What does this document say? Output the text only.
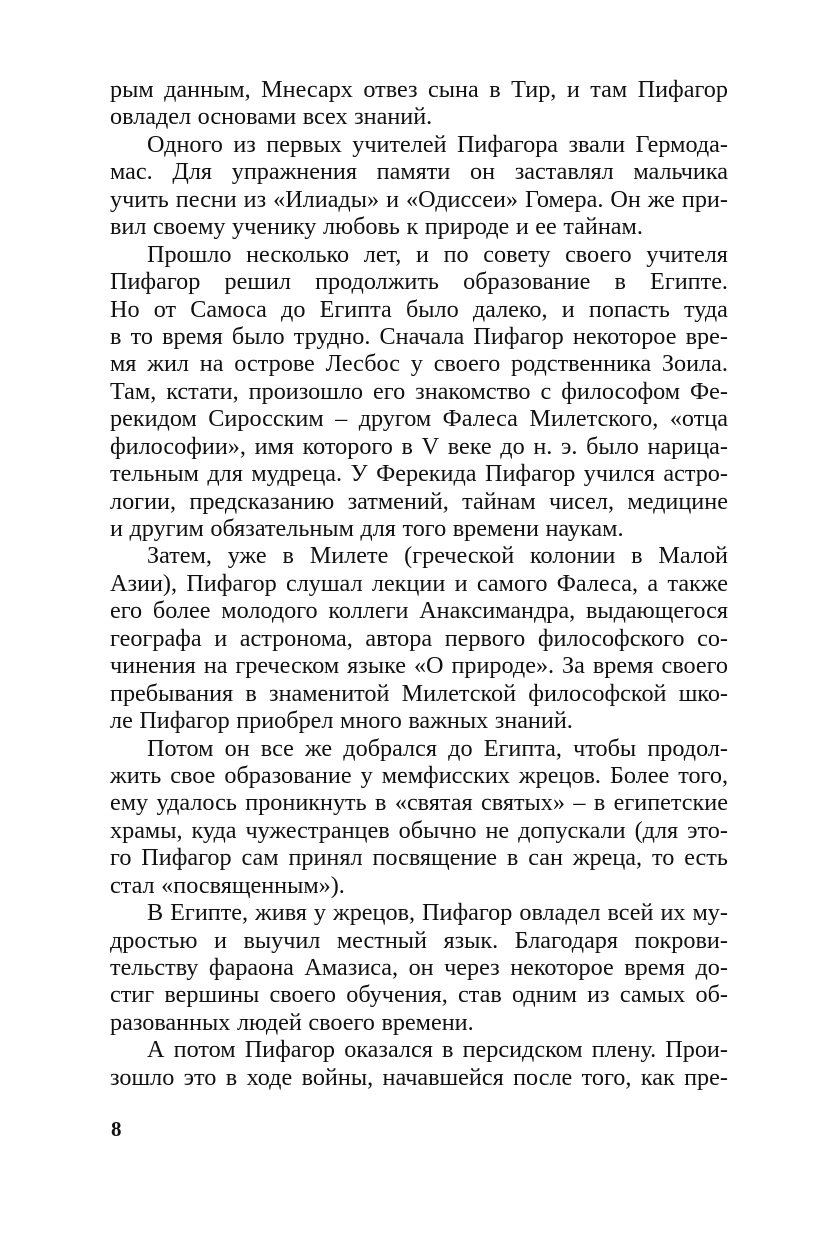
рым данным, Мнесарх отвез сына в Тир, и там Пифагор
овладел основами всех знаний.
Одного из первых учителей Пифагора звали Гермода-
мас. Для упражнения памяти он заставлял мальчика
учить песни из «Илиады» и «Одиссеи» Гомера. Он же при-
вил своему ученику любовь к природе и ее тайнам.
Прошло несколько лет, и по совету своего учителя
Пифагор решил продолжить образование в Египте.
Но от Самоса до Египта было далеко, и попасть туда
в то время было трудно. Сначала Пифагор некоторое вре-
мя жил на острове Лесбос у своего родственника Зоила.
Там, кстати, произошло его знакомство с философом Фе-
рекидом Сиросским – другом Фалеса Милетского, «отца
философии», имя которого в V веке до н. э. было нарица-
тельным для мудреца. У Ферекида Пифагор учился астро-
логии, предсказанию затмений, тайнам чисел, медицине
и другим обязательным для того времени наукам.
Затем, уже в Милете (греческой колонии в Малой
Азии), Пифагор слушал лекции и самого Фалеса, а также
его более молодого коллеги Анаксимандра, выдающегося
географа и астронома, автора первого философского со-
чинения на греческом языке «О природе». За время своего
пребывания в знаменитой Милетской философской шко-
ле Пифагор приобрел много важных знаний.
Потом он все же добрался до Египта, чтобы продол-
жить свое образование у мемфисских жрецов. Более того,
ему удалось проникнуть в «святая святых» – в египетские
храмы, куда чужестранцев обычно не допускали (для это-
го Пифагор сам принял посвящение в сан жреца, то есть
стал «посвященным»).
В Египте, живя у жрецов, Пифагор овладел всей их му-
дростью и выучил местный язык. Благодаря покрови-
тельству фараона Амазиса, он через некоторое время до-
стиг вершины своего обучения, став одним из самых об-
разованных людей своего времени.
А потом Пифагор оказался в персидском плену. Прои-
зошло это в ходе войны, начавшейся после того, как пре-
8
